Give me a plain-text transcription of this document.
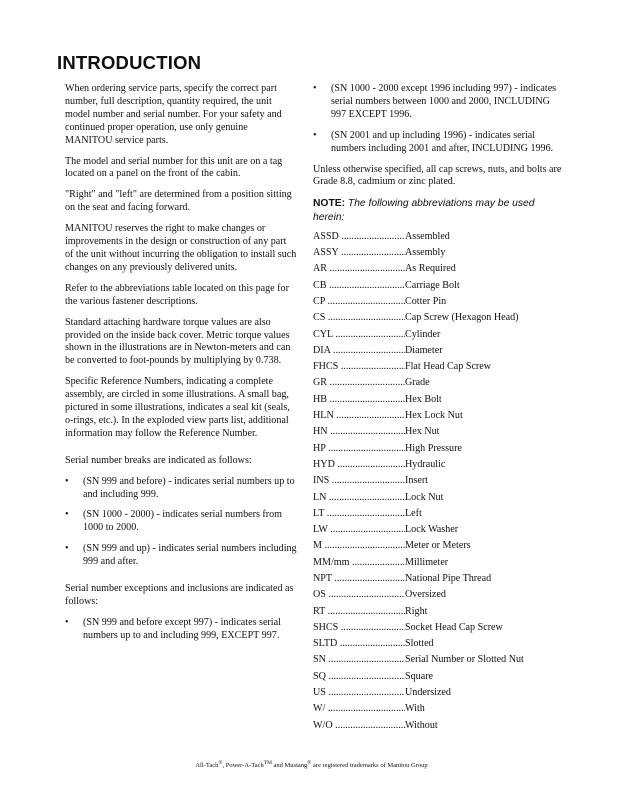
INTRODUCTION

When ordering service parts, specify the correct part number, full description, quantity required, the unit model number and serial number. For your safety and continued proper operation, use only genuine MANITOU service parts.

The model and serial number for this unit are on a tag located on a panel on the front of the cabin.

"Right" and "left" are determined from a position sitting on the seat and facing forward.

MANITOU reserves the right to make changes or improvements in the design or construction of any part of the unit without incurring the obligation to install such changes on any previously delivered units.

Refer to the abbreviations table located on this page for the various fastener descriptions.

Standard attaching hardware torque values are also provided on the inside back cover. Metric torque values shown in the illustrations are in Newton-meters and can be converted to foot-pounds by multiplying by 0.738.

Specific Reference Numbers, indicating a complete assembly, are circled in some illustrations. A small bag, pictured in some illustrations, indicates a seal kit (seals, o-rings, etc.). In the exploded view parts list, additional information may follow the Reference Number.

Serial number breaks are indicated as follows:

• (SN 999 and before) - indicates serial numbers up to and including 999.
• (SN 1000 - 2000) - indicates serial numbers from 1000 to 2000.
• (SN 999 and up) - indicates serial numbers including 999 and after.

Serial number exceptions and inclusions are indicated as follows:

• (SN 999 and before except 997) - indicates serial numbers up to and including 999, EXCEPT 997.
• (SN 1000 - 2000 except 1996 including 997) - indicates serial numbers between 1000 and 2000, INCLUDING 997 EXCEPT 1996.
• (SN 2001 and up including 1996) - indicates serial numbers including 2001 and after, INCLUDING 1996.

Unless otherwise specified, all cap screws, nuts, and bolts are Grade 8.8, cadmium or zinc plated.

NOTE: The following abbreviations may be used herein:
ASSD .....	Assembled
ASSY .....	Assembly
AR .....	As Required
CB .....	Carriage Bolt
CP .....	Cotter Pin
CS .....	Cap Screw (Hexagon Head)
CYL .....	Cylinder
DIA .....	Diameter
FHCS .....	Flat Head Cap Screw
GR .....	Grade
HB .....	Hex Bolt
HLN .....	Hex Lock Nut
HN .....	Hex Nut
HP .....	High Pressure
HYD .....	Hydraulic
INS .....	Insert
LN .....	Lock Nut
LT .....	Left
LW .....	Lock Washer
M .....	Meter or Meters
MM/mm .....	Millimeter
NPT .....	National Pipe Thread
OS .....	Oversized
RT .....	Right
SHCS .....	Socket Head Cap Screw
SLTD .....	Slotted
SN .....	Serial Number or Slotted Nut
SQ .....	Square
US .....	Undersized
W/ .....	With
W/O .....	Without
All-Tach®, Power-A-Tach™ and Mustang® are registered trademarks of Manitou Group
